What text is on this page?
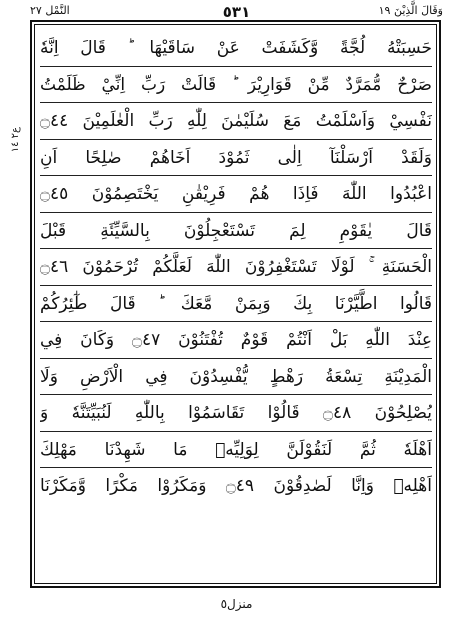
وَقَالَ الَّذِيْنَ ١٩
٥٣١
النَّمْل ٢٧
ع٢ ١٤
حَسِبَتْهُ لُجَّةً وَّكَشَفَتْ عَنْ سَاقَيْهَا ؕ قَالَ اِنَّهٗ
صَرْحٌ مُّمَرَّدٌ مِّنْ قَوَارِيْرَ ؕ قَالَتْ رَبِّ اِنِّيْ ظَلَمْتُ
نَفْسِيْ وَاَسْلَمْتُ مَعَ سُلَيْمٰنَ لِلّٰهِ رَبِّ الْعٰلَمِيْنَ ۝٤٤
وَلَقَدْ اَرْسَلْنَآ اِلٰى ثَمُوْدَ اَخَاهُمْ صٰلِحًا اَنِ
اعْبُدُوا اللّٰهَ فَاِذَا هُمْ فَرِيْقٰنِ يَخْتَصِمُوْنَ ۝٤٥
قَالَ يٰقَوْمِ لِمَ تَسْتَعْجِلُوْنَ بِالسَّيِّئَةِ قَبْلَ
الْحَسَنَةِ ۚ لَوْلَا تَسْتَغْفِرُوْنَ اللّٰهَ لَعَلَّكُمْ تُرْحَمُوْنَ ۝٤٦
قَالُوا اطَّيَّرْنَا بِكَ وَبِمَنْ مَّعَكَ ؕ قَالَ طٰٓئِرُكُمْ
عِنْدَ اللّٰهِ بَلْ اَنْتُمْ قَوْمٌ تُفْتَنُوْنَ ۝٤٧ وَكَانَ فِي
الْمَدِيْنَةِ تِسْعَةُ رَهْطٍ يُّفْسِدُوْنَ فِي الْاَرْضِ وَلَا
يُصْلِحُوْنَ ۝٤٨ قَالُوْا تَقَاسَمُوْا بِاللّٰهِ لَنُبَيِّتَنَّهٗ وَ
اَهْلَهٗ ثُمَّ لَنَقُوْلَنَّ لِوَلِيِّهٖ مَا شَهِدْنَا مَهْلِكَ
اَهْلِهٖ وَاِنَّا لَصٰدِقُوْنَ ۝٤٩ وَمَكَرُوْا مَكْرًا وَّمَكَرْنَا
منزل٥
